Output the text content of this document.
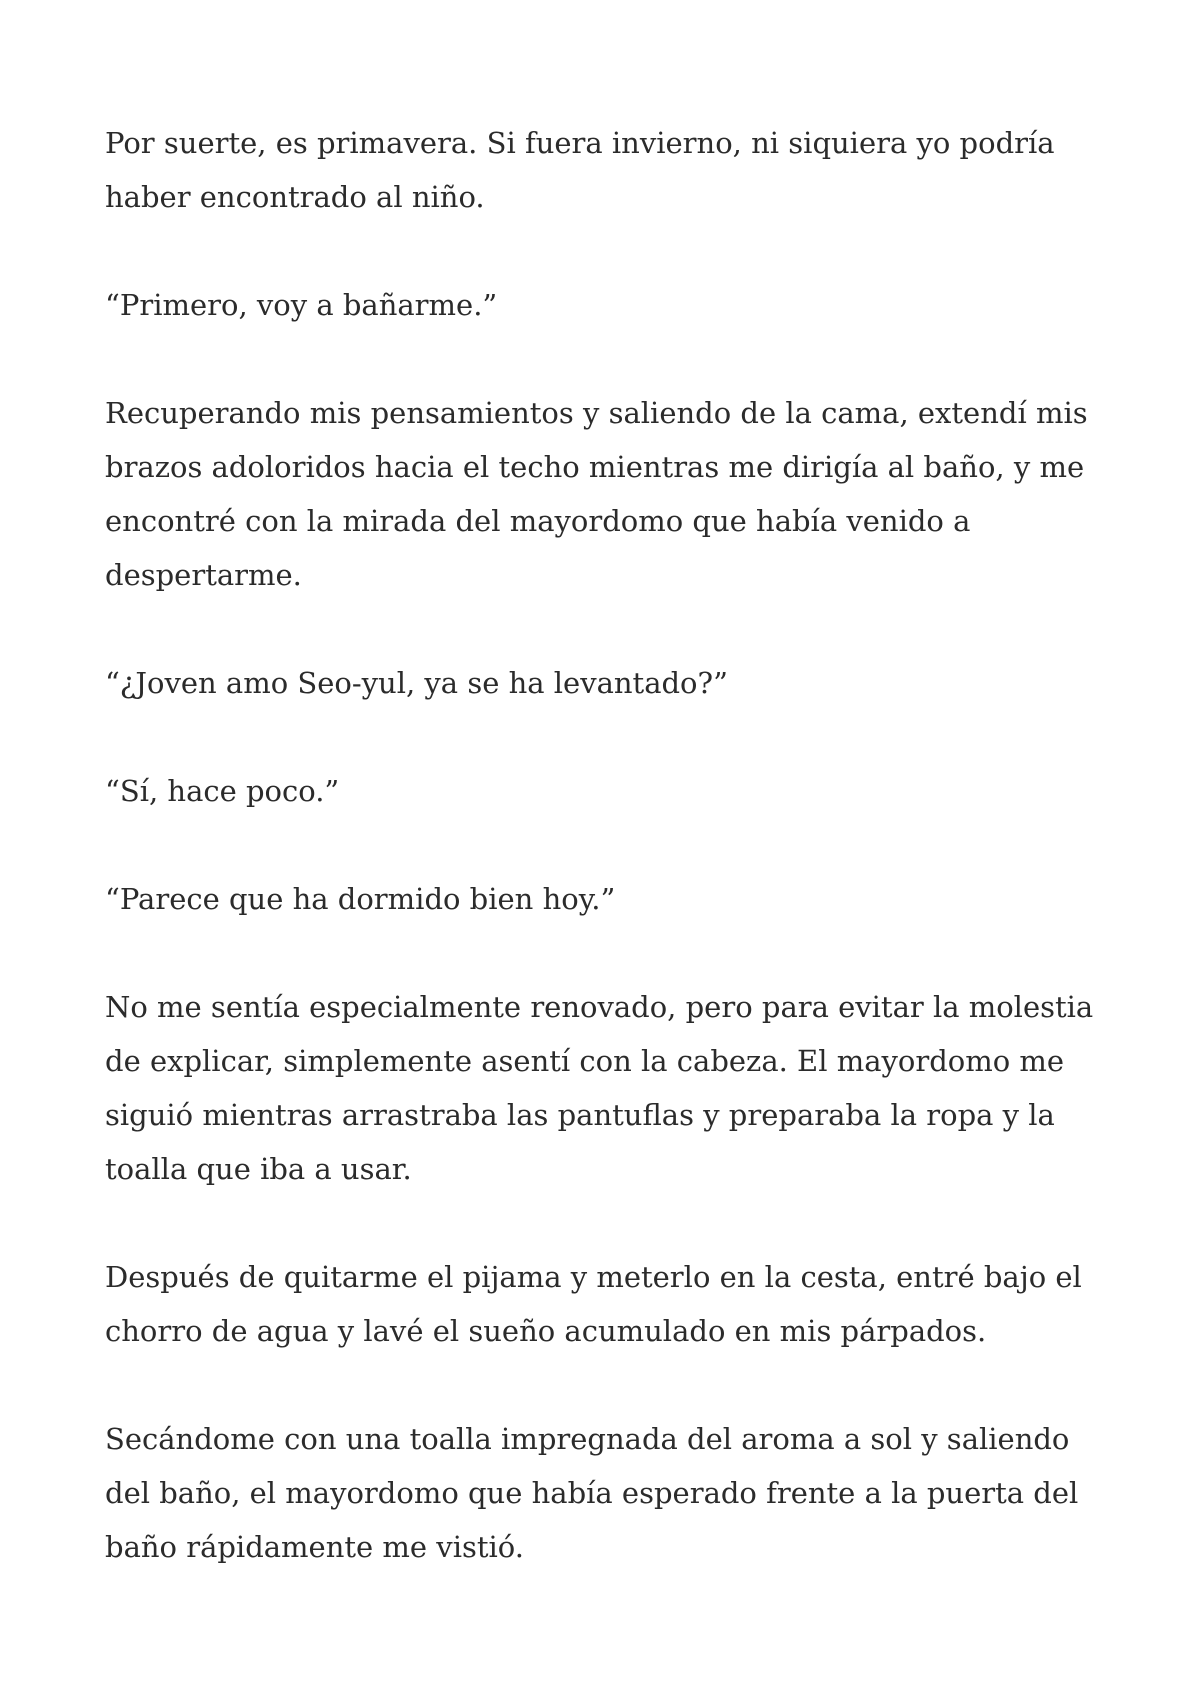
Por suerte, es primavera. Si fuera invierno, ni siquiera yo podría haber encontrado al niño.

“Primero, voy a bañarme.”

Recuperando mis pensamientos y saliendo de la cama, extendí mis brazos adoloridos hacia el techo mientras me dirigía al baño, y me encontré con la mirada del mayordomo que había venido a despertarme.

“¿Joven amo Seo-yul, ya se ha levantado?”

“Sí, hace poco.”

“Parece que ha dormido bien hoy.”

No me sentía especialmente renovado, pero para evitar la molestia de explicar, simplemente asentí con la cabeza. El mayordomo me siguió mientras arrastraba las pantuflas y preparaba la ropa y la toalla que iba a usar.

Después de quitarme el pijama y meterlo en la cesta, entré bajo el chorro de agua y lavé el sueño acumulado en mis párpados.

Secándome con una toalla impregnada del aroma a sol y saliendo del baño, el mayordomo que había esperado frente a la puerta del baño rápidamente me vistió.
